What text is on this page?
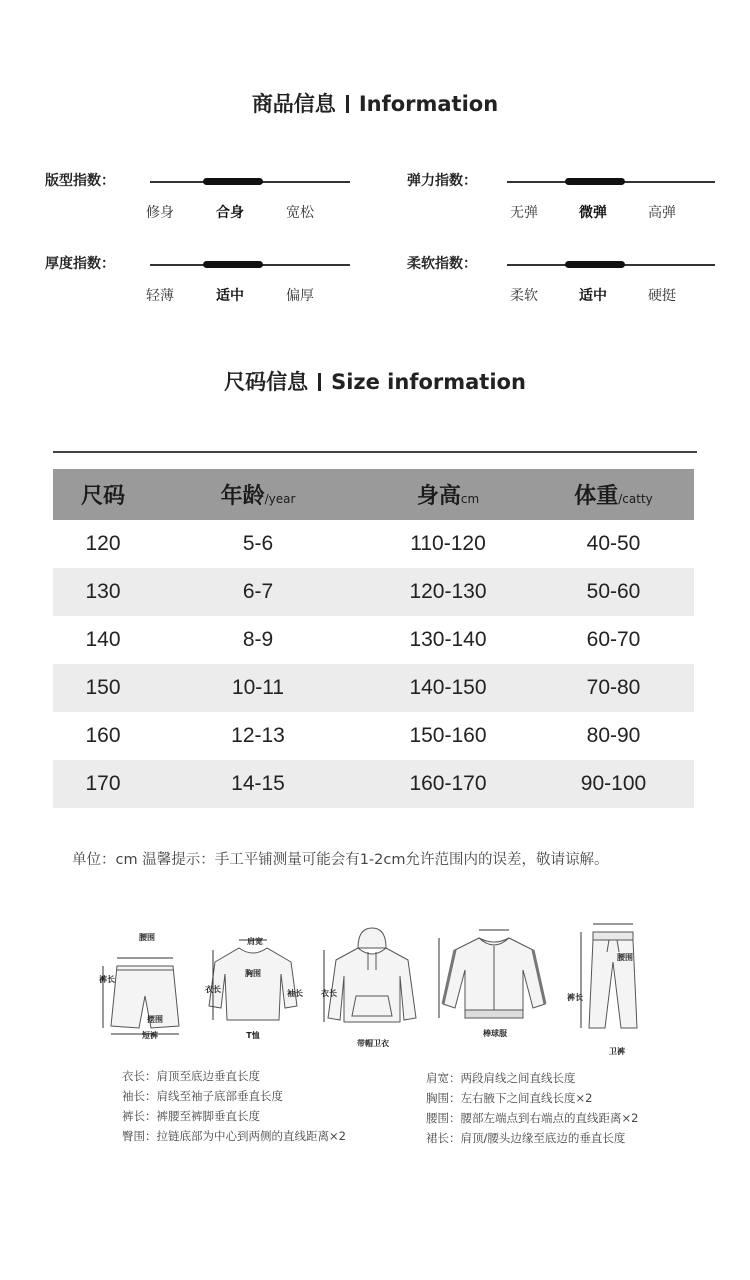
商品信息 Information
版型指数：
修身	合身	宽松
弹力指数：
无弹	微弹	高弹
厚度指数：
轻薄	适中	偏厚
柔软指数：
柔软	适中	硬挺
尺码信息 Size information
尺码	年龄/year	身高cm	体重/catty
120	5-6	110-120	40-50
130	6-7	120-130	50-60
140	8-9	130-140	60-70
150	10-11	140-150	70-80
160	12-13	150-160	80-90
170	14-15	160-170	90-100
单位：cm 温馨提示：手工平铺测量可能会有1-2cm允许范围内的误差，敬请谅解。
腰围
摆围
裤长
短裤
肩宽
胸围
衣长	袖长
T恤
衣长
带帽卫衣
棒球服
腰围
裤长
卫裤
衣长：肩顶至底边垂直长度
袖长：肩线至袖子底部垂直长度
裤长：裤腰至裤脚垂直长度
臀围：拉链底部为中心到两侧的直线距离×2
肩宽：两段肩线之间直线长度
胸围：左右腋下之间直线长度×2
腰围：腰部左端点到右端点的直线距离×2
裙长：肩顶/腰头边缘至底边的垂直长度
